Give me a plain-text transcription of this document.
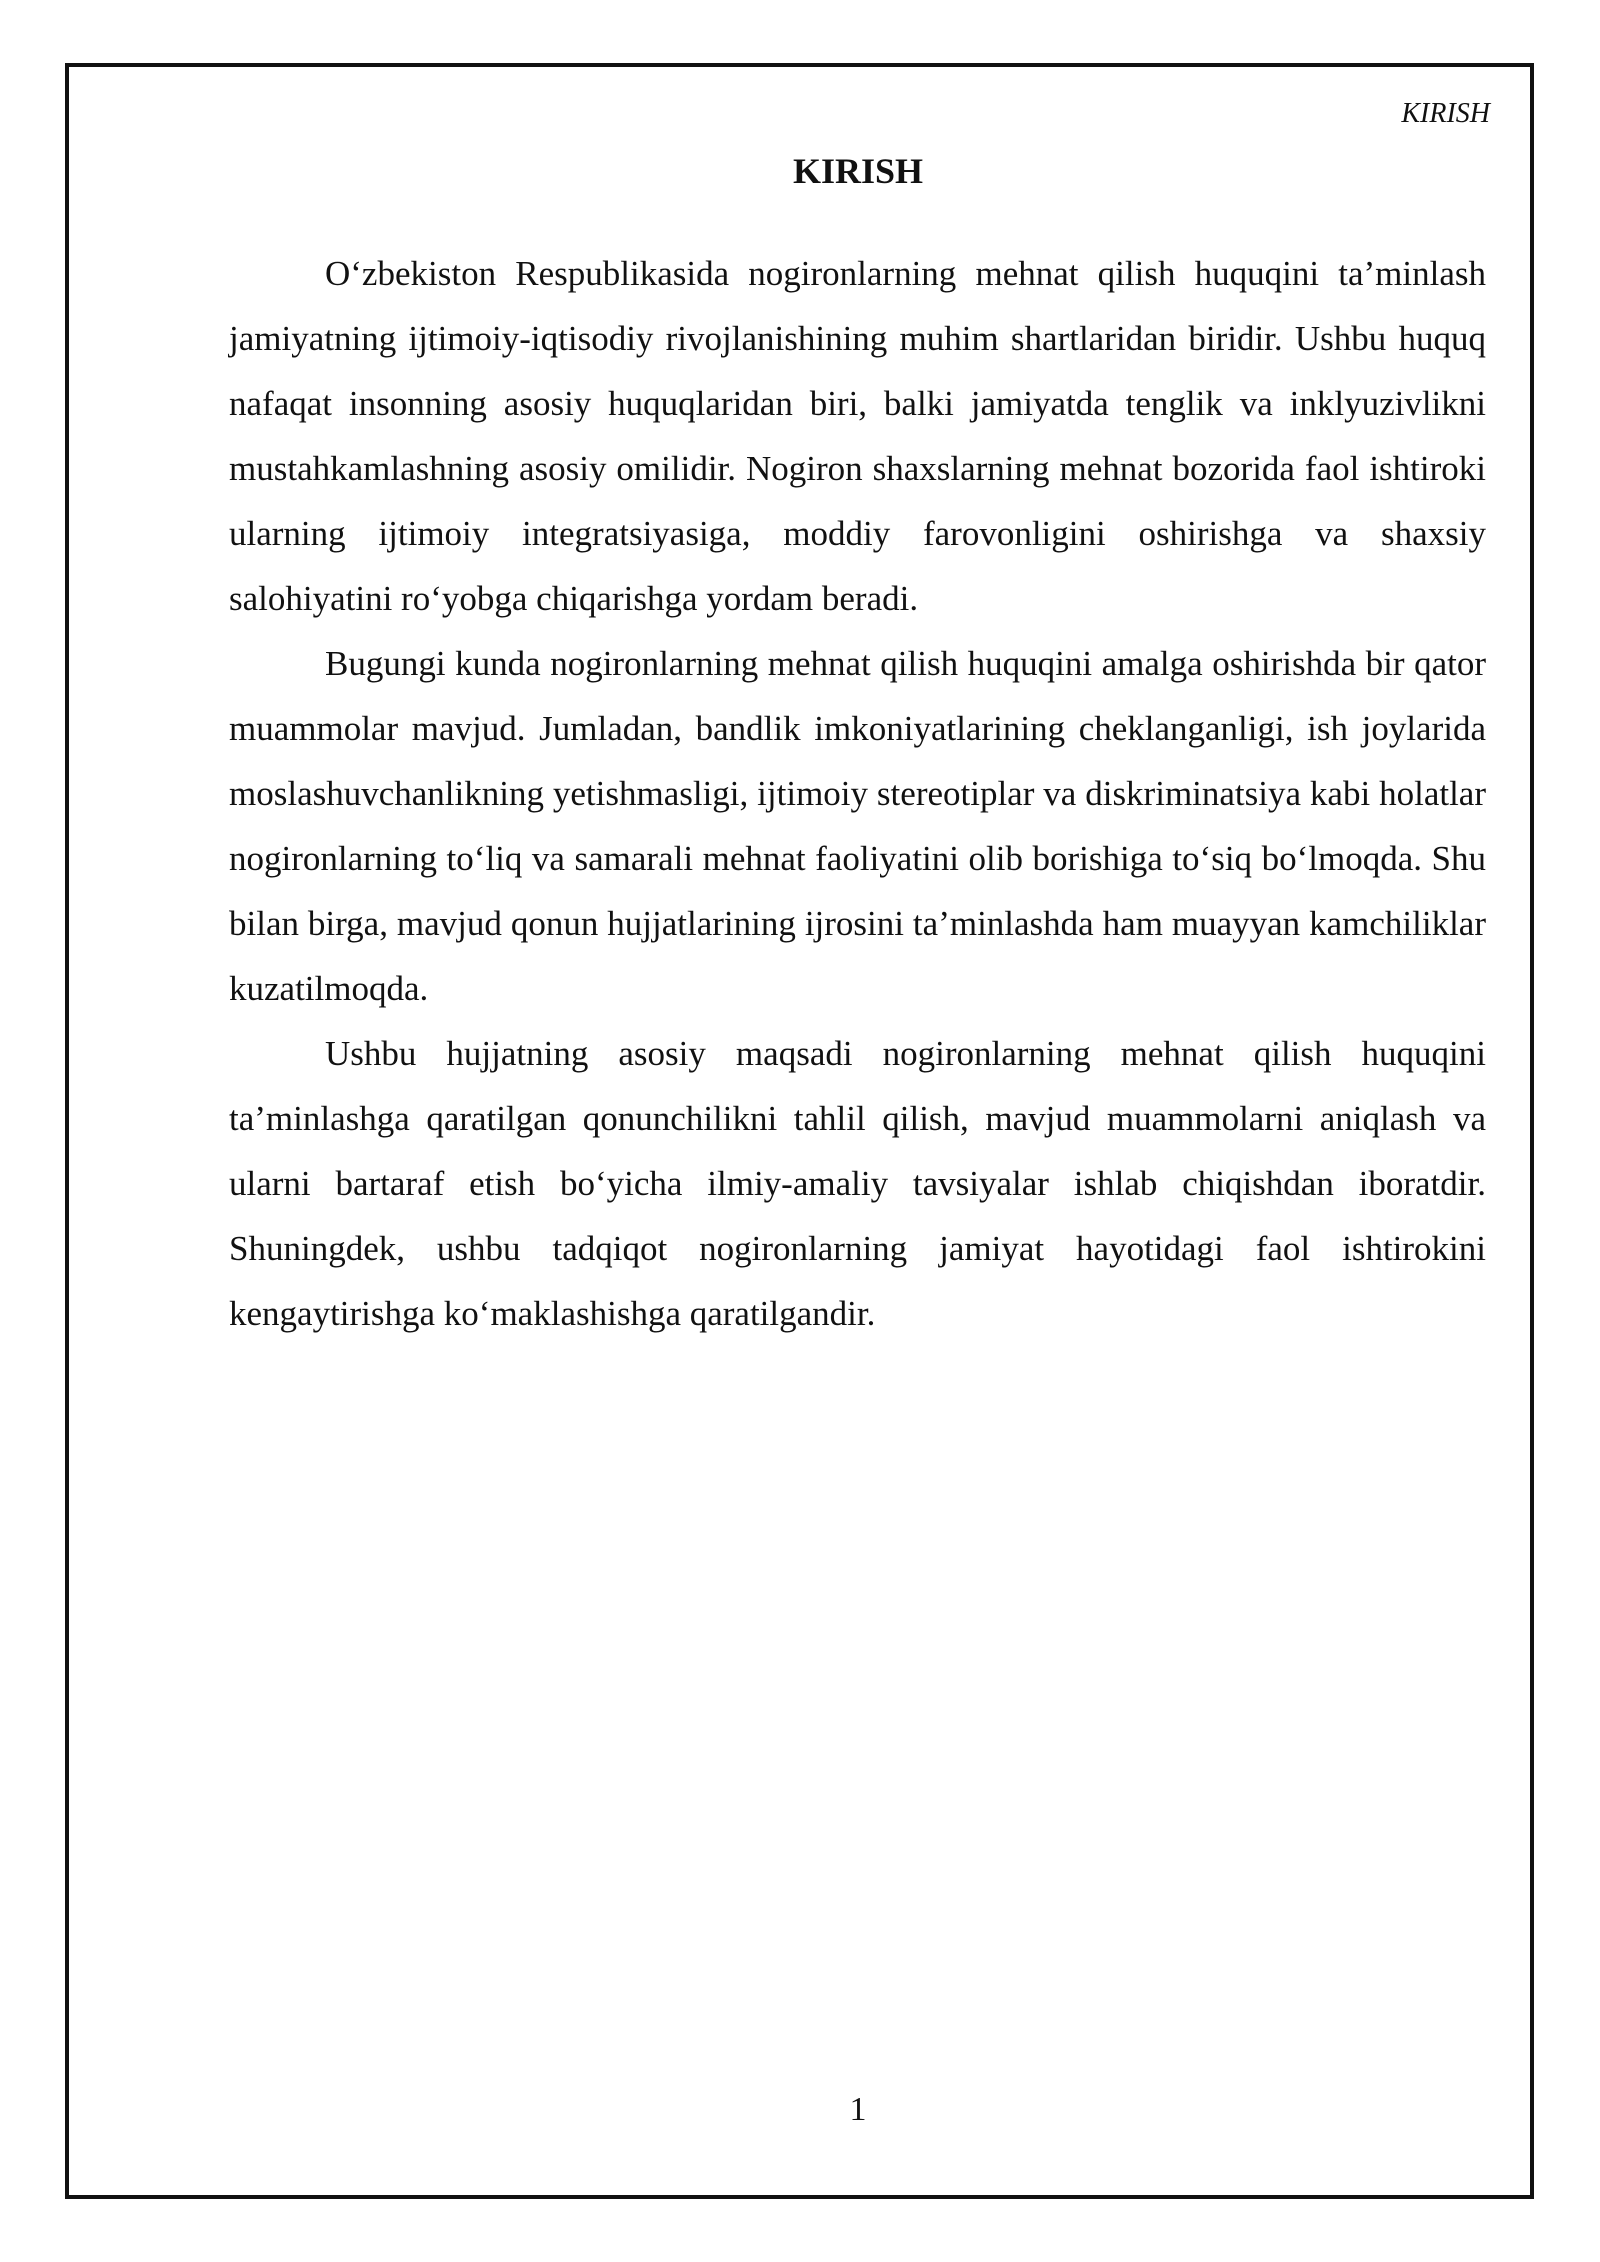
KIRISH
KIRISH

O‘zbekiston Respublikasida nogironlarning mehnat qilish huquqini ta’minlash jamiyatning ijtimoiy-iqtisodiy rivojlanishining muhim shartlaridan biridir. Ushbu huquq nafaqat insonning asosiy huquqlaridan biri, balki jamiyatda tenglik va inklyuzivlikni mustahkamlashning asosiy omilidir. Nogiron shaxslarning mehnat bozorida faol ishtiroki ularning ijtimoiy integratsiyasiga, moddiy farovonligini oshirishga va shaxsiy salohiyatini ro‘yobga chiqarishga yordam beradi.

Bugungi kunda nogironlarning mehnat qilish huquqini amalga oshirishda bir qator muammolar mavjud. Jumladan, bandlik imkoniyatlarining cheklanganligi, ish joylarida moslashuvchanlikning yetishmasligi, ijtimoiy stereotiplar va diskriminatsiya kabi holatlar nogironlarning to‘liq va samarali mehnat faoliyatini olib borishiga to‘siq bo‘lmoqda. Shu bilan birga, mavjud qonun hujjatlarining ijrosini ta’minlashda ham muayyan kamchiliklar kuzatilmoqda.

Ushbu hujjatning asosiy maqsadi nogironlarning mehnat qilish huquqini ta’minlashga qaratilgan qonunchilikni tahlil qilish, mavjud muammolarni aniqlash va ularni bartaraf etish bo‘yicha ilmiy-amaliy tavsiyalar ishlab chiqishdan iboratdir. Shuningdek, ushbu tadqiqot nogironlarning jamiyat hayotidagi faol ishtirokini kengaytirishga ko‘maklashishga qaratilgandir.

1
